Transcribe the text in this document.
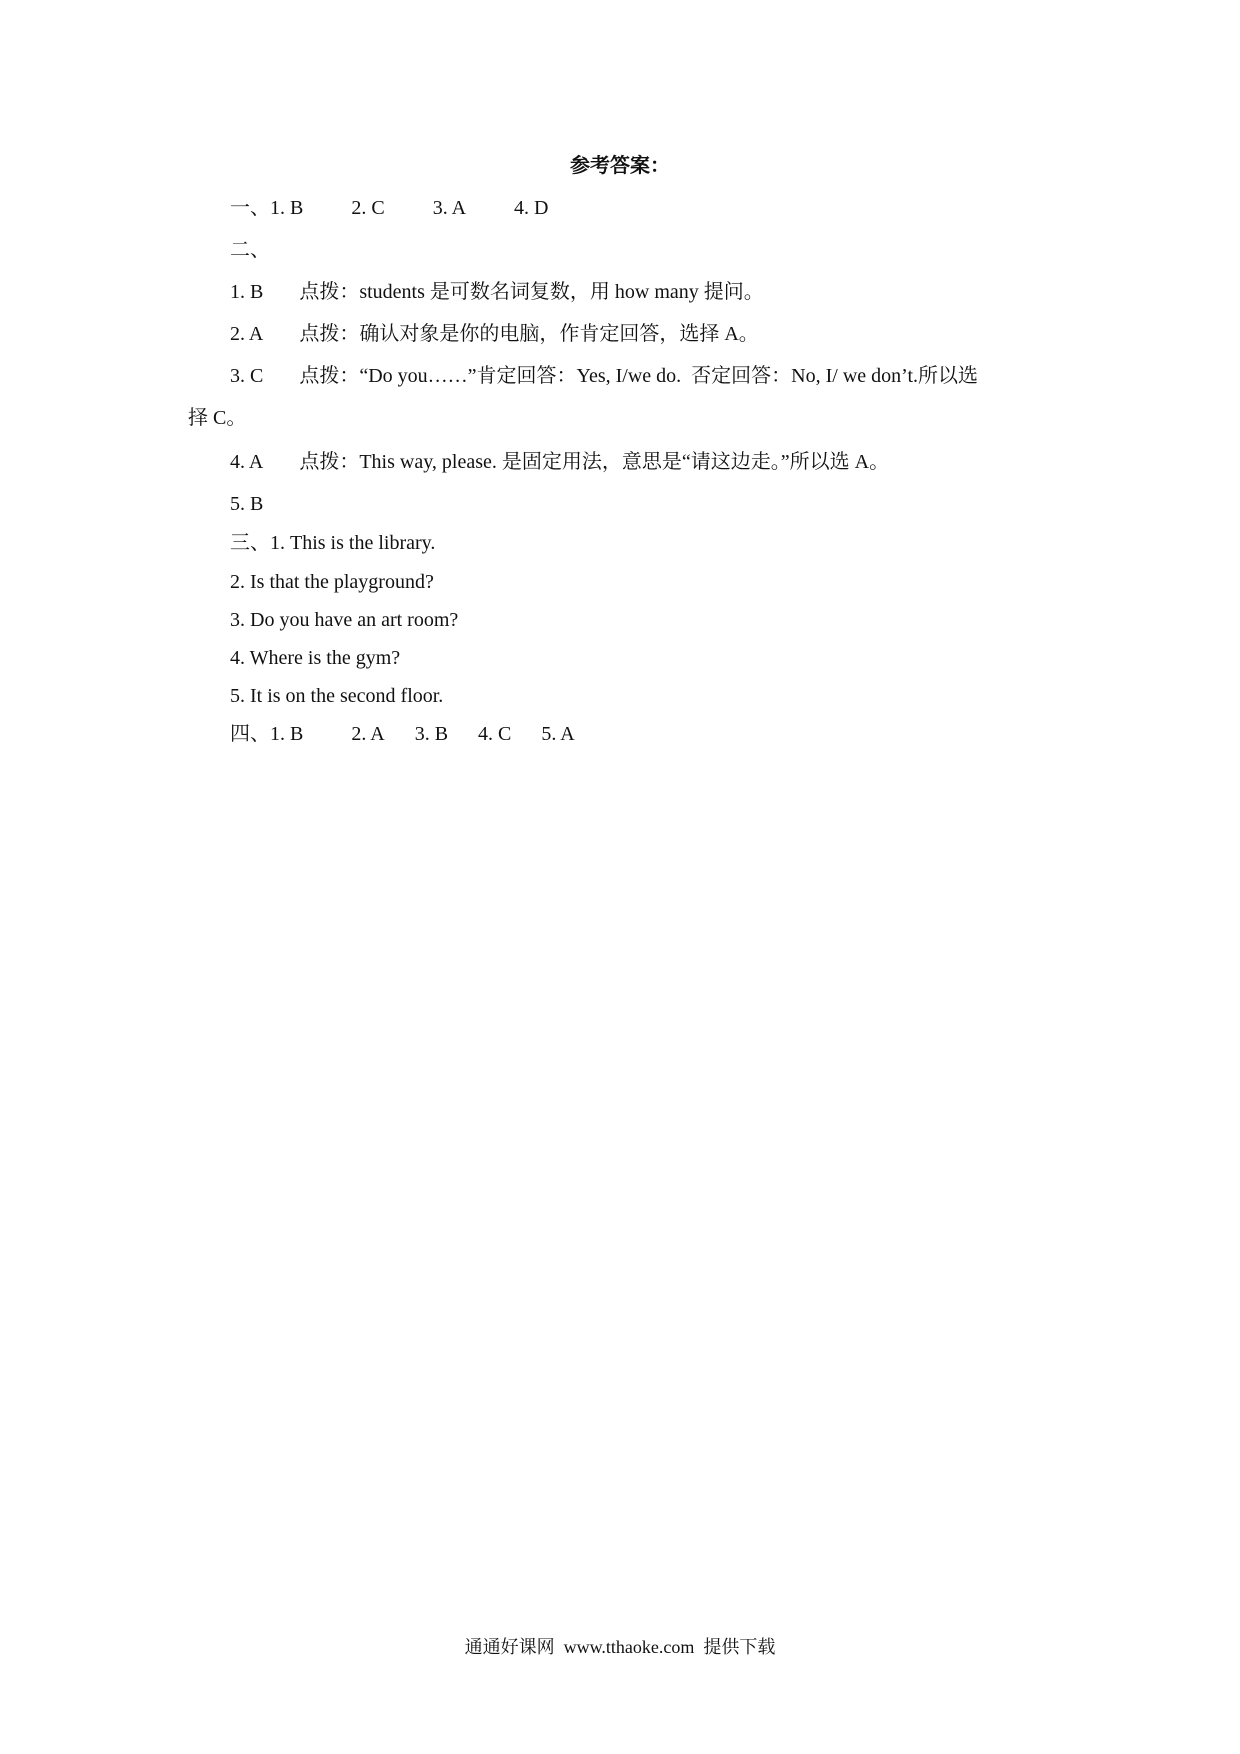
参考答案：
一、1. B 2. C 3. A 4. D
二、
1. B 点拨：students 是可数名词复数，用 how many 提问。
2. A 点拨：确认对象是你的电脑，作肯定回答，选择 A。
3. C 点拨：“Do you……”肯定回答：Yes, I/we do.  否定回答：No, I/ we don’t.所以选
择 C。
4. A 点拨：This way, please. 是固定用法，意思是“请这边走。”所以选 A。
5. B
三、1. This is the library.
2. Is that the playground?
3. Do you have an art room?
4. Where is the gym?
5. It is on the second floor.
四、1. B 2. A 3. B 4. C 5. A
通通好课网  www.tthaoke.com  提供下载
